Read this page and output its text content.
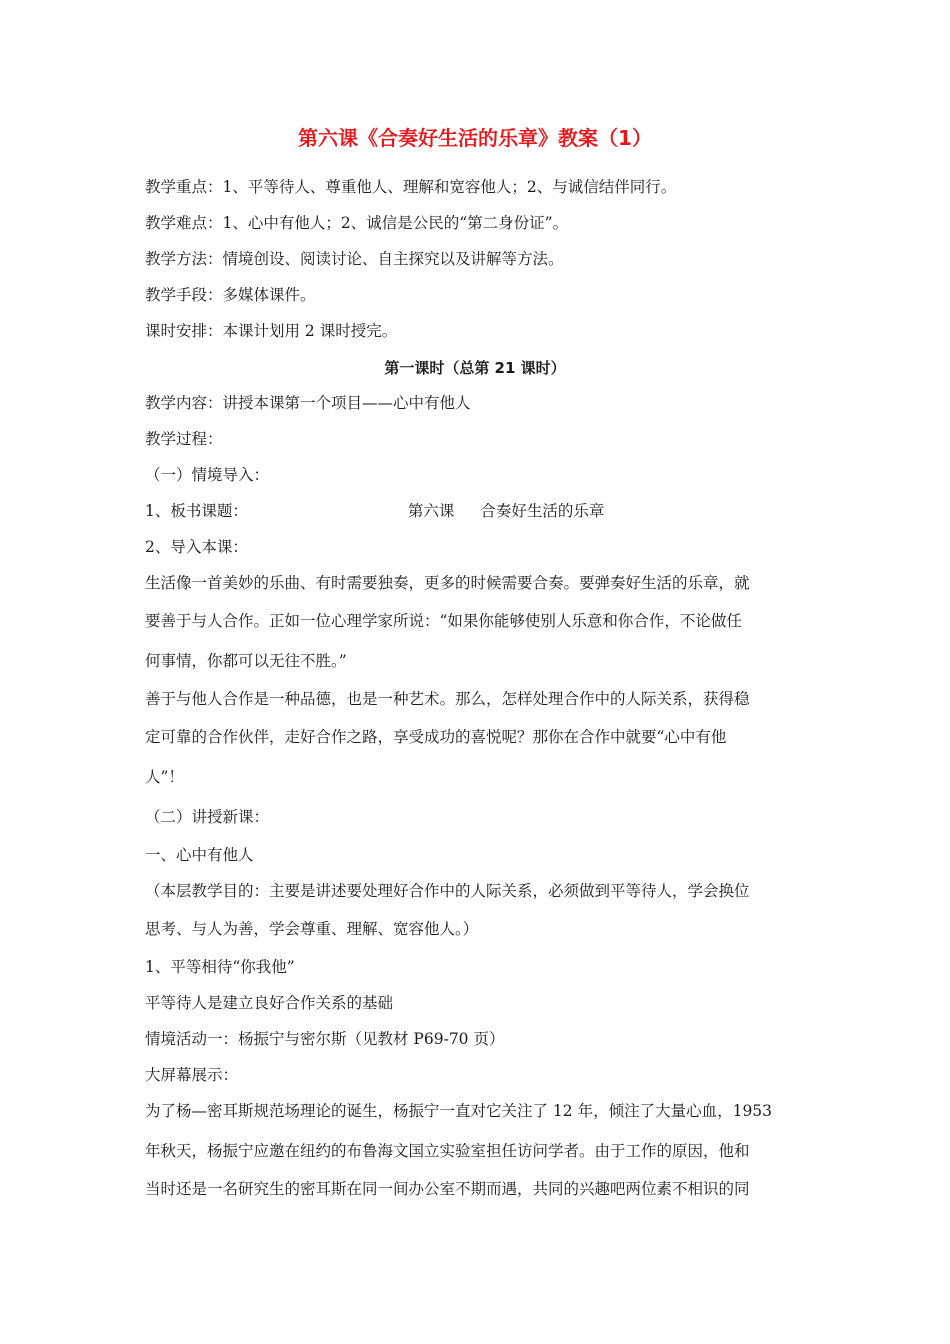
第六课《合奏好生活的乐章》教案（1）
教学重点：1、平等待人、尊重他人、理解和宽容他人；2、与诚信结伴同行。
教学难点：1、心中有他人；2、诚信是公民的“第二身份证”。
教学方法：情境创设、阅读讨论、自主探究以及讲解等方法。
教学手段：多媒体课件。
课时安排：本课计划用 2 课时授完。
第一课时（总第 21 课时）
教学内容：讲授本课第一个项目——心中有他人
教学过程：
（一）情境导入：
1、板书课题：	第六课 合奏好生活的乐章
2、导入本课：
生活像一首美妙的乐曲、有时需要独奏，更多的时候需要合奏。要弹奏好生活的乐章，就
要善于与人合作。正如一位心理学家所说：“如果你能够使别人乐意和你合作，不论做任
何事情，你都可以无往不胜。”
善于与他人合作是一种品德，也是一种艺术。那么，怎样处理合作中的人际关系，获得稳
定可靠的合作伙伴，走好合作之路，享受成功的喜悦呢？那你在合作中就要“心中有他
人”！
（二）讲授新课：
一、心中有他人
（本层教学目的：主要是讲述要处理好合作中的人际关系，必须做到平等待人，学会换位
思考、与人为善，学会尊重、理解、宽容他人。）
1、平等相待“你我他”
平等待人是建立良好合作关系的基础
情境活动一：杨振宁与密尔斯（见教材 P69-70 页）
大屏幕展示：
为了杨—密耳斯规范场理论的诞生，杨振宁一直对它关注了 12 年，倾注了大量心血，1953
年秋天，杨振宁应邀在纽约的布鲁海文国立实验室担任访问学者。由于工作的原因，他和
当时还是一名研究生的密耳斯在同一间办公室不期而遇，共同的兴趣吧两位素不相识的同
